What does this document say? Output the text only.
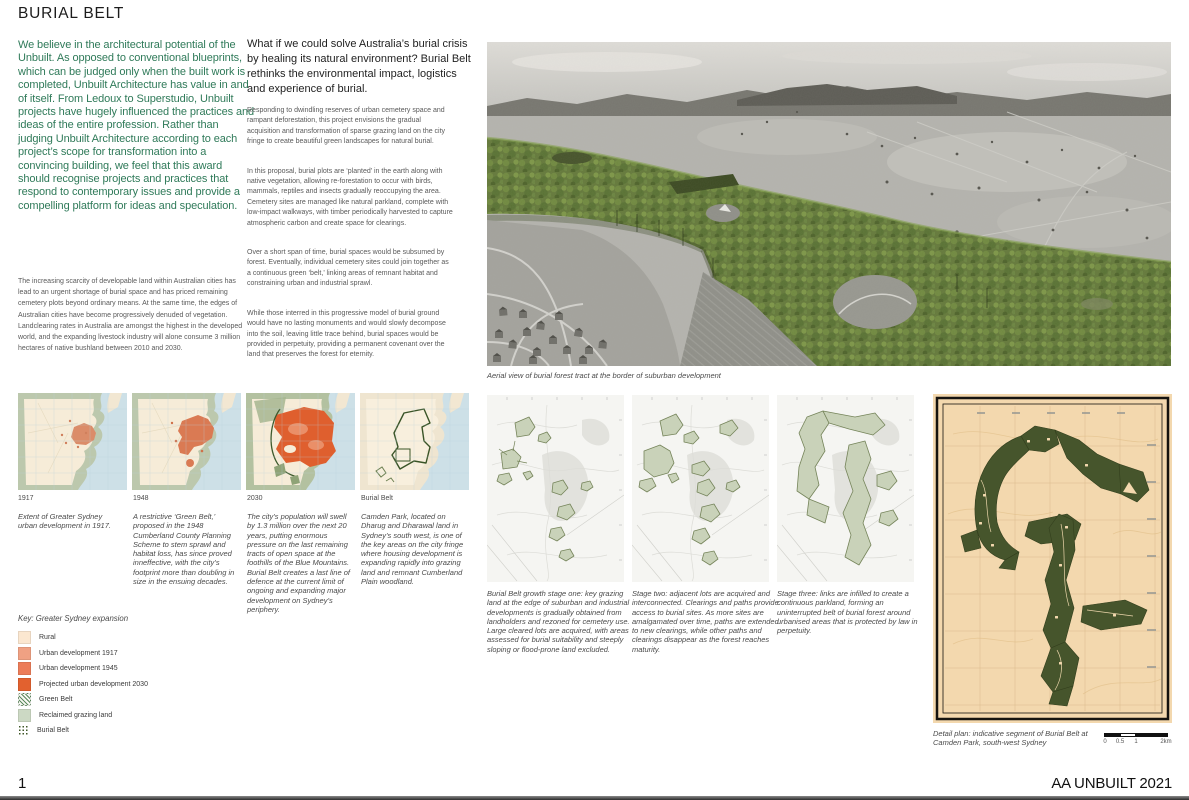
BURIAL BELT
We believe in the architectural potential of the Unbuilt. As opposed to conventional blueprints, which can be judged only when the built work is completed, Unbuilt Architecture has value in and of itself. From Ledoux to Superstudio, Unbuilt projects have hugely influenced the practices and ideas of the entire profession. Rather than judging Unbuilt Architecture according to each project’s scope for transformation into a convincing building, we feel that this award should recognise projects and practices that respond to contemporary issues and provide a compelling platform for ideas and speculation.
The increasing scarcity of developable land within Australian cities has lead to an urgent shortage of burial space and has priced remaining cemetery plots beyond ordinary means. At the same time, the edges of Australian cities have become progressively denuded of vegetation. Landclearing rates in Australia are amongst the highest in the developed world, and the expanding livestock industry will alone consume 3 million hectares of native bushland between 2010 and 2030.
What if we could solve Australia’s burial crisis by healing its natural environment? Burial Belt rethinks the environmental impact, logistics and experience of burial.

Responding to dwindling reserves of urban cemetery space and rampant deforestation, this project envisions the gradual acquisition and transformation of sparse grazing land on the city fringe to create beautiful green landscapes for natural burial.

In this proposal, burial plots are ‘planted’ in the earth along with native vegetation, allowing re-forestation to occur with birds, mammals, reptiles and insects gradually reoccupying the area. Cemetery sites are managed like natural parkland, complete with low-impact walkways, with timber periodically harvested to capture atmospheric carbon and create space for clearings.

Over a short span of time, burial spaces would be subsumed by forest. Eventually, individual cemetery sites could join together as a continuous green ‘belt,’ linking areas of remnant habitat and constraining urban and industrial sprawl.

While those interred in this progressive model of burial ground would have no lasting monuments and would slowly decompose into the soil, leaving little trace behind, burial spaces would be provided in perpetuity, providing a permanent covenant over the land that preserves the forest for eternity.

Aerial view of burial forest tract at the border of suburban development
1917	1948	2030	Burial Belt
Extent of Greater Sydney urban development in 1917.
A restrictive ‘Green Belt,’ proposed in the 1948 Cumberland County Planning Scheme to stem sprawl and habitat loss, has since proved inneffective, with the city’s footprint more than doubling in size in the ensuing decades.
The city’s population will swell by 1.3 million over the next 20 years, putting enormous pressure on the last remaining tracts of open space at the foothills of the Blue Mountains. Burial Belt creates a last line of defence at the current limit of ongoing and expanding major development on Sydney’s periphery.
Camden Park, located on Dharug and Dharawal land in Sydney’s south west, is one of the key areas on the city fringe where housing development is expanding rapidly into grazing land and remnant Cumberland Plain woodland.
Key: Greater Sydney expansion
Rural
Urban development 1917
Urban development 1945
Projected urban development 2030
Green Belt
Reclaimed grazing land
Burial Belt
Burial Belt growth stage one: key grazing land at the edge of suburban and industrial developments is gradually obtained from landholders and rezoned for cemetery use. Large cleared lots are acquired, with areas assessed for burial suitability and steeply sloping or flood-prone land excluded.
Stage two: adjacent lots are acquired and interconnected. Clearings and paths provide access to burial sites. As more sites are amalgamated over time, paths are extended to new clearings, while other paths and clearings disappear as the forest reaches maturity.
Stage three: links are infilled to create a continuous parkland, forming an uninterrupted belt of burial forest around urbanised areas that is protected by law in perpetuity.
Detail plan: indicative segment of Burial Belt at Camden Park, south-west Sydney	0 0.5 1	2km
1	AA UNBUILT 2021
